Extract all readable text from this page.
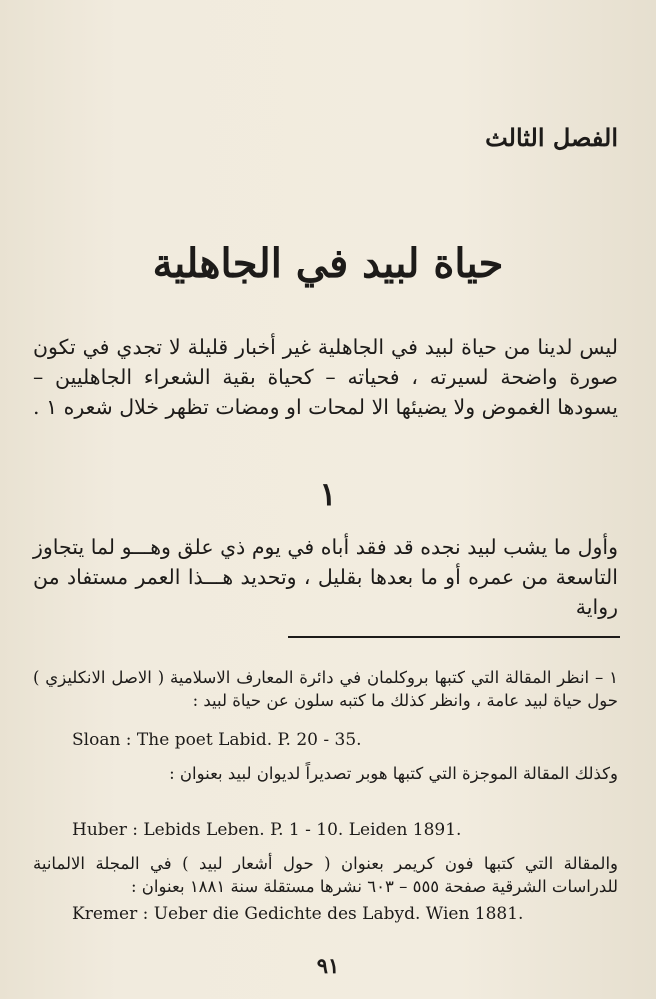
الفصل الثالث
حياة لبيد في الجاهلية

ليس لدينا من حياة لبيد في الجاهلية غير أخبار قليلة لا تجدي في تكون صورة واضحة لسيرته ، فحياته – كحياة بقية الشعراء الجاهليين – يسودها الغموض ولا يضيئها الا لمحات او ومضات تظهر خلال شعره ١ .

١

وأول ما يشب لبيد نجده قد فقد أباه في يوم ذي علق وهـــو لما يتجاوز التاسعة من عمره أو ما بعدها بقليل ، وتحديد هـــذا العمر مستفاد من رواية

١ – انظر المقالة التي كتبها بروكلمان في دائرة المعارف الاسلامية ( الاصل الانكليزي ) حول حياة لبيد عامة ، وانظر كذلك ما كتبه سلون عن حياة لبيد :

Sloan : The poet Labid. P. 20 - 35.

وكذلك المقالة الموجزة التي كتبها هوبر تصديراً لديوان لبيد بعنوان :

Huber : Lebids Leben. P. 1 - 10. Leiden 1891.

والمقالة التي كتبها فون كريمر بعنوان ( حول أشعار لبيد ) في المجلة الالمانية للدراسات الشرقية صفحة ٥٥٥ – ٦٠٣ نشرها مستقلة سنة ١٨٨١ بعنوان :

Kremer : Ueber die Gedichte des Labyd. Wien 1881.
٩١
